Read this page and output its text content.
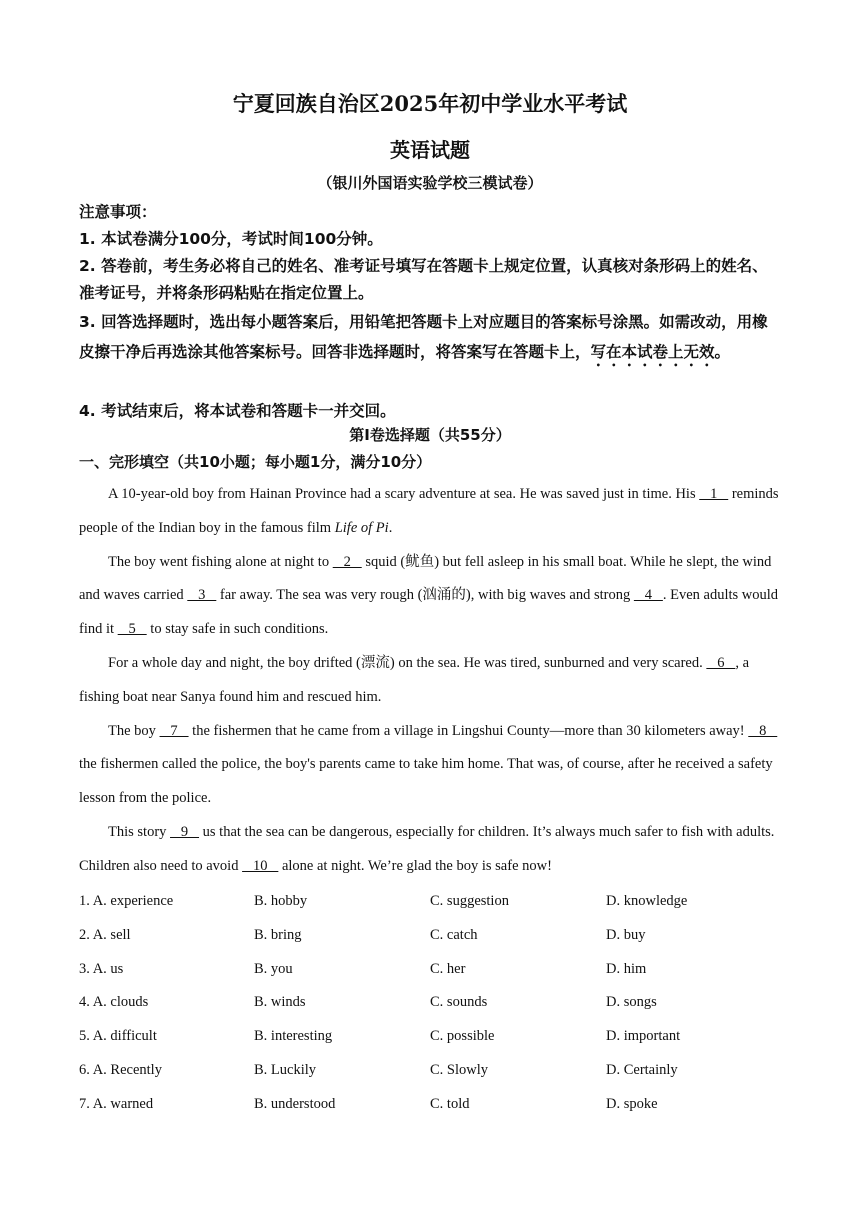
宁夏回族自治区2025年初中学业水平考试
英语试题
（银川外国语实验学校三模试卷）
注意事项：
1. 本试卷满分100分，考试时间100分钟。
2. 答卷前，考生务必将自己的姓名、准考证号填写在答题卡上规定位置，认真核对条形码上的姓名、准考证号，并将条形码粘贴在指定位置上。
3. 回答选择题时，选出每小题答案后，用铅笔把答题卡上对应题目的答案标号涂黑。如需改动，用橡皮擦干净后再选涂其他答案标号。回答非选择题时，将答案写在答题卡上，写在本试卷上无效。
4. 考试结束后，将本试卷和答题卡一并交回。
第Ⅰ卷选择题（共55分）
一、完形填空（共10小题；每小题1分，满分10分）

A 10-year-old boy from Hainan Province had a scary adventure at sea. He was saved just in time. His    1    reminds people of the Indian boy in the famous film Life of Pi.

The boy went fishing alone at night to    2    squid (鱿鱼) but fell asleep in his small boat. While he slept, the wind and waves carried    3    far away. The sea was very rough (汹涌的), with big waves and strong    4   . Even adults would find it    5    to stay safe in such conditions.

For a whole day and night, the boy drifted (漂流) on the sea. He was tired, sunburned and very scared.    6   , a fishing boat near Sanya found him and rescued him.

The boy    7    the fishermen that he came from a village in Lingshui County—more than 30 kilometers away!    8    the fishermen called the police, the boy's parents came to take him home. That was, of course, after he received a safety lesson from the police.

This story    9    us that the sea can be dangerous, especially for children. It’s always much safer to fish with adults. Children also need to avoid    10    alone at night. We’re glad the boy is safe now!

1. A. experience	B. hobby	C. suggestion	D. knowledge
2. A. sell	B. bring	C. catch	D. buy
3. A. us	B. you	C. her	D. him
4. A. clouds	B. winds	C. sounds	D. songs
5. A. difficult	B. interesting	C. possible	D. important
6. A. Recently	B. Luckily	C. Slowly	D. Certainly
7. A. warned	B. understood	C. told	D. spoke
